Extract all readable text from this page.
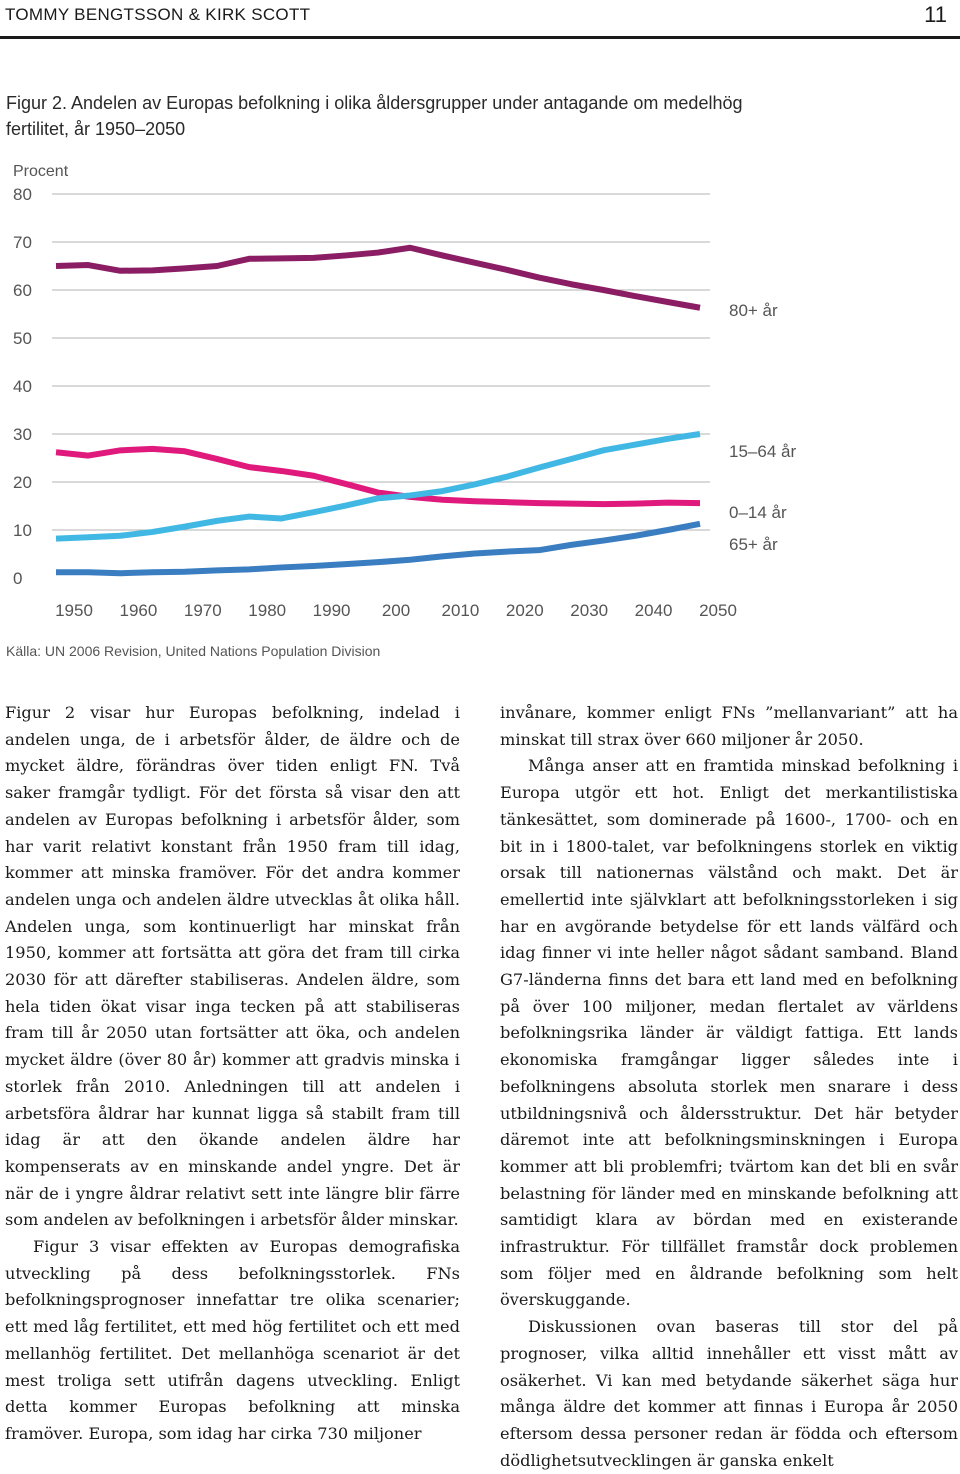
TOMMY BENGTSSON & KIRK SCOTT	11
Figur 2. Andelen av Europas befolkning i olika åldersgrupper under antagande om medelhög fertilitet, år 1950–2050
80
70
60
50
40
30
20
10
0
1950 1960 1970 1980 1990 200 2010 2020 2030 2040 2050
80+ år
15–64 år
0–14 år
65+ år
Procent
Källa: UN 2006 Revision, United Nations Population Division

Figur 2 visar hur Europas befolkning, indelad i andelen unga, de i arbetsför ålder, de äldre och de mycket äldre, förändras över tiden enligt FN. Två saker framgår tydligt. För det första så visar den att andelen av Europas befolkning i arbetsför ålder, som har varit relativt konstant från 1950 fram till idag, kommer att minska framöver. För det andra kommer andelen unga och andelen äldre utvecklas åt olika håll. Andelen unga, som kontinuerligt har minskat från 1950, kommer att fortsätta att göra det fram till cirka 2030 för att därefter stabiliseras. Andelen äldre, som hela tiden ökat visar inga tecken på att stabiliseras fram till år 2050 utan fortsätter att öka, och andelen mycket äldre (över 80 år) kommer att gradvis minska i storlek från 2010. Anledningen till att andelen i arbetsföra åldrar har kunnat ligga så stabilt fram till idag är att den ökande andelen äldre har kompenserats av en minskande andel yngre. Det är när de i yngre åldrar relativt sett inte längre blir färre som andelen av befolkningen i arbetsför ålder minskar.

Figur 3 visar effekten av Europas demografiska utveckling på dess befolkningsstorlek. FNs befolkningsprognoser innefattar tre olika scenarier; ett med låg fertilitet, ett med hög fertilitet och ett med mellanhög fertilitet. Det mellanhöga scenariot är det mest troliga sett utifrån dagens utveckling. Enligt detta kommer Europas befolkning att minska framöver. Europa, som idag har cirka 730 miljoner

invånare, kommer enligt FNs ”mellanvariant” att ha minskat till strax över 660 miljoner år 2050.

Många anser att en framtida minskad befolkning i Europa utgör ett hot. Enligt det merkantilistiska tänkesättet, som dominerade på 1600-, 1700- och en bit in i 1800-talet, var befolkningens storlek en viktig orsak till nationernas välstånd och makt. Det är emellertid inte självklart att befolkningsstorleken i sig har en avgörande betydelse för ett lands välfärd och idag finner vi inte heller något sådant samband. Bland G7-länderna finns det bara ett land med en befolkning på över 100 miljoner, medan flertalet av världens befolkningsrika länder är väldigt fattiga. Ett lands ekonomiska framgångar ligger således inte i befolkningens absoluta storlek men snarare i dess utbildningsnivå och åldersstruktur. Det här betyder däremot inte att befolkningsminskningen i Europa kommer att bli problemfri; tvärtom kan det bli en svår belastning för länder med en minskande befolkning att samtidigt klara av bördan med en existerande infrastruktur. För tillfället framstår dock problemen som följer med en åldrande befolkning som helt överskuggande.

Diskussionen ovan baseras till stor del på prognoser, vilka alltid innehåller ett visst mått av osäkerhet. Vi kan med betydande säkerhet säga hur många äldre det kommer att finnas i Europa år 2050 eftersom dessa personer redan är födda och eftersom dödlighetsutvecklingen är ganska enkelt
